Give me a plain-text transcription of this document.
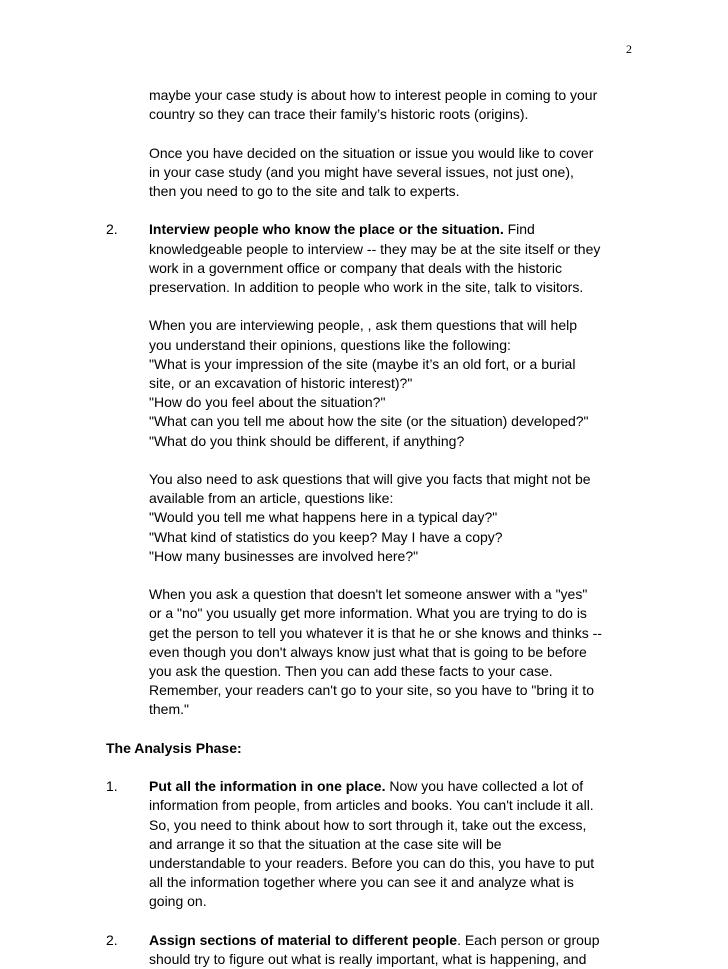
2
maybe your case study is about how to interest people in coming to your
country so they can trace their family’s historic roots (origins).
Once you have decided on the situation or issue you would like to cover
in your case study (and you might have several issues, not just one),
then you need to go to the site and talk to experts.
2.	Interview people who know the place or the situation. Find
knowledgeable people to interview -- they may be at the site itself or they
work in a government office or company that deals with the historic
preservation. In addition to people who work in the site, talk to visitors.
When you are interviewing people, , ask them questions that will help
you understand their opinions, questions like the following:
"What is your impression of the site (maybe it’s an old fort, or a burial
site, or an excavation of historic interest)?"
"How do you feel about the situation?"
"What can you tell me about how the site (or the situation) developed?"
"What do you think should be different, if anything?
You also need to ask questions that will give you facts that might not be
available from an article, questions like:
"Would you tell me what happens here in a typical day?"
"What kind of statistics do you keep? May I have a copy?
"How many businesses are involved here?"
When you ask a question that doesn't let someone answer with a "yes"
or a "no" you usually get more information. What you are trying to do is
get the person to tell you whatever it is that he or she knows and thinks --
even though you don't always know just what that is going to be before
you ask the question. Then you can add these facts to your case.
Remember, your readers can't go to your site, so you have to "bring it to
them."
The Analysis Phase:
1.	Put all the information in one place. Now you have collected a lot of
information from people, from articles and books. You can't include it all.
So, you need to think about how to sort through it, take out the excess,
and arrange it so that the situation at the case site will be
understandable to your readers. Before you can do this, you have to put
all the information together where you can see it and analyze what is
going on.
2.	Assign sections of material to different people. Each person or group
should try to figure out what is really important, what is happening, and
